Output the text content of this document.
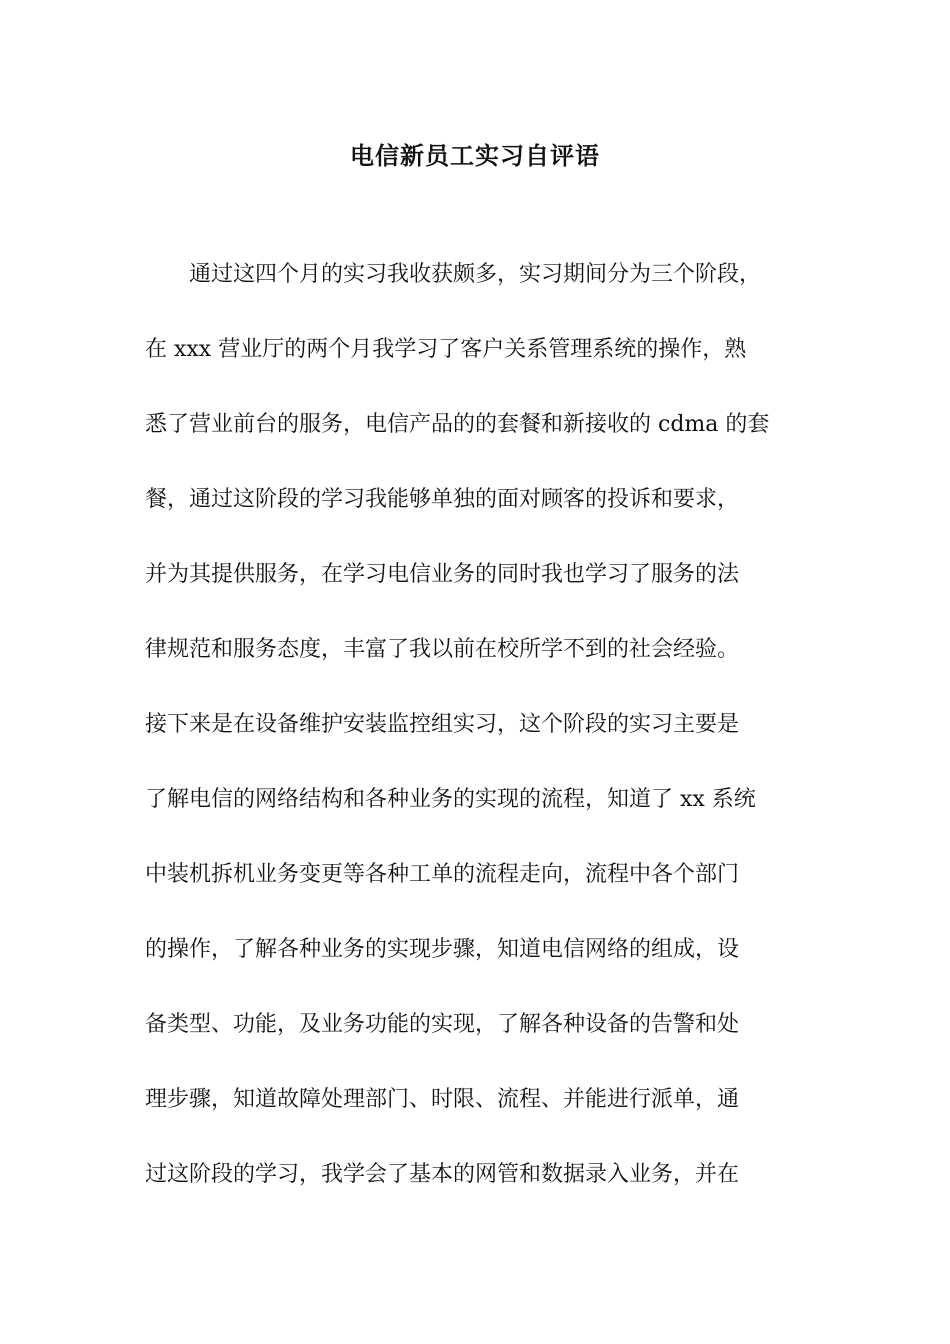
电信新员工实习自评语
　　通过这四个月的实习我收获颇多，实习期间分为三个阶段，
在 xxx 营业厅的两个月我学习了客户关系管理系统的操作，熟
悉了营业前台的服务，电信产品的的套餐和新接收的 cdma 的套
餐，通过这阶段的学习我能够单独的面对顾客的投诉和要求，
并为其提供服务，在学习电信业务的同时我也学习了服务的法
律规范和服务态度，丰富了我以前在校所学不到的社会经验。
接下来是在设备维护安装监控组实习，这个阶段的实习主要是
了解电信的网络结构和各种业务的实现的流程，知道了 xx 系统
中装机拆机业务变更等各种工单的流程走向，流程中各个部门
的操作，了解各种业务的实现步骤，知道电信网络的组成，设
备类型、功能，及业务功能的实现，了解各种设备的告警和处
理步骤，知道故障处理部门、时限、流程、并能进行派单，通
过这阶段的学习，我学会了基本的网管和数据录入业务，并在
